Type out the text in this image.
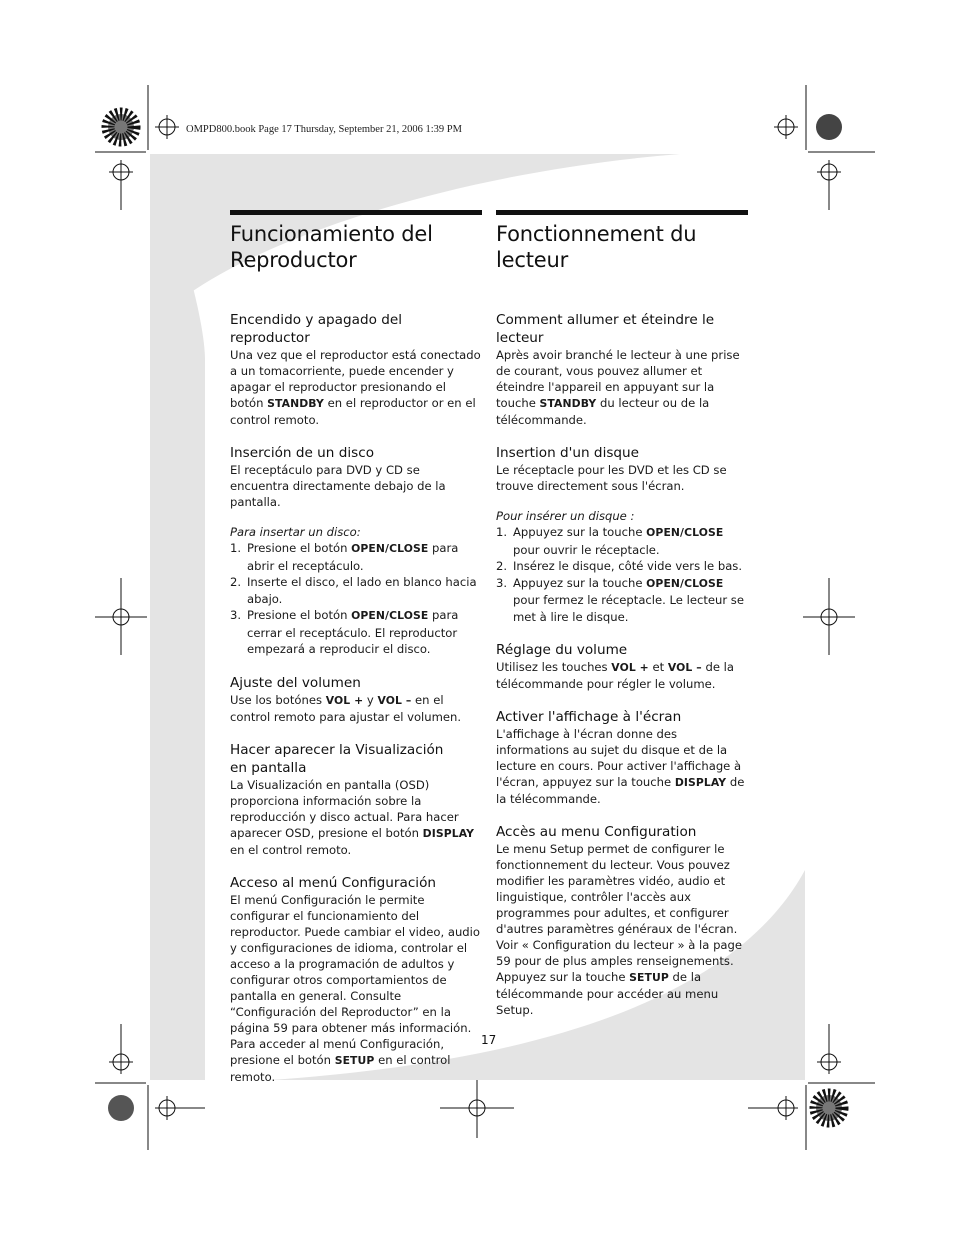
OMPD800.book Page 17 Thursday, September 21, 2006 1:39 PM
Funcionamiento del
Reproductor
Encendido y apagado del
reproductor

Una vez que el reproductor está conectado a un tomacorriente, puede encender y apagar el reproductor presionando el botón STANDBY en el reproductor or en el control remoto.

Inserción de un disco

El receptáculo para DVD y CD se encuentra directamente debajo de la pantalla.

Para insertar un disco:
1. Presione el botón OPEN/CLOSE para abrir el receptáculo.
2. Inserte el disco, el lado en blanco hacia abajo.
3. Presione el botón OPEN/CLOSE para cerrar el receptáculo. El reproductor empezará a reproducir el disco.
Ajuste del volumen

Use los botónes VOL + y VOL – en el control remoto para ajustar el volumen.

Hacer aparecer la Visualización
en pantalla

La Visualización en pantalla (OSD) proporciona información sobre la reproducción y disco actual. Para hacer aparecer OSD, presione el botón DISPLAY en el control remoto.

Acceso al menú Configuración

El menú Configuración le permite configurar el funcionamiento del reproductor. Puede cambiar el video, audio y configuraciones de idioma, controlar el acceso a la programación de adultos y configurar otros comportamientos de pantalla en general. Consulte “Configuración del Reproductor” en la página 59 para obtener más información. Para acceder al menú Configuración, presione el botón SETUP en el control remoto.

Fonctionnement du
lecteur
Comment allumer et éteindre le
lecteur

Après avoir branché le lecteur à une prise de courant, vous pouvez allumer et éteindre l'appareil en appuyant sur la touche STANDBY du lecteur ou de la télécommande.

Insertion d'un disque

Le réceptacle pour les DVD et les CD se trouve directement sous l'écran.

Pour insérer un disque :
1. Appuyez sur la touche OPEN/CLOSE pour ouvrir le réceptacle.
2. Insérez le disque, côté vide vers le bas.
3. Appuyez sur la touche OPEN/CLOSE pour fermez le réceptacle. Le lecteur se met à lire le disque.
Réglage du volume

Utilisez les touches VOL + et VOL – de la télécommande pour régler le volume.

Activer l'affichage à l'écran

L'affichage à l'écran donne des informations au sujet du disque et de la lecture en cours. Pour activer l'affichage à l'écran, appuyez sur la touche DISPLAY de la télécommande.

Accès au menu Configuration

Le menu Setup permet de configurer le fonctionnement du lecteur. Vous pouvez modifier les paramètres vidéo, audio et linguistique, contrôler l'accès aux programmes pour adultes, et configurer d'autres paramètres généraux de l'écran. Voir « Configuration du lecteur » à la page 59 pour de plus amples renseignements. Appuyez sur la touche SETUP de la télécommande pour accéder au menu Setup.

17
